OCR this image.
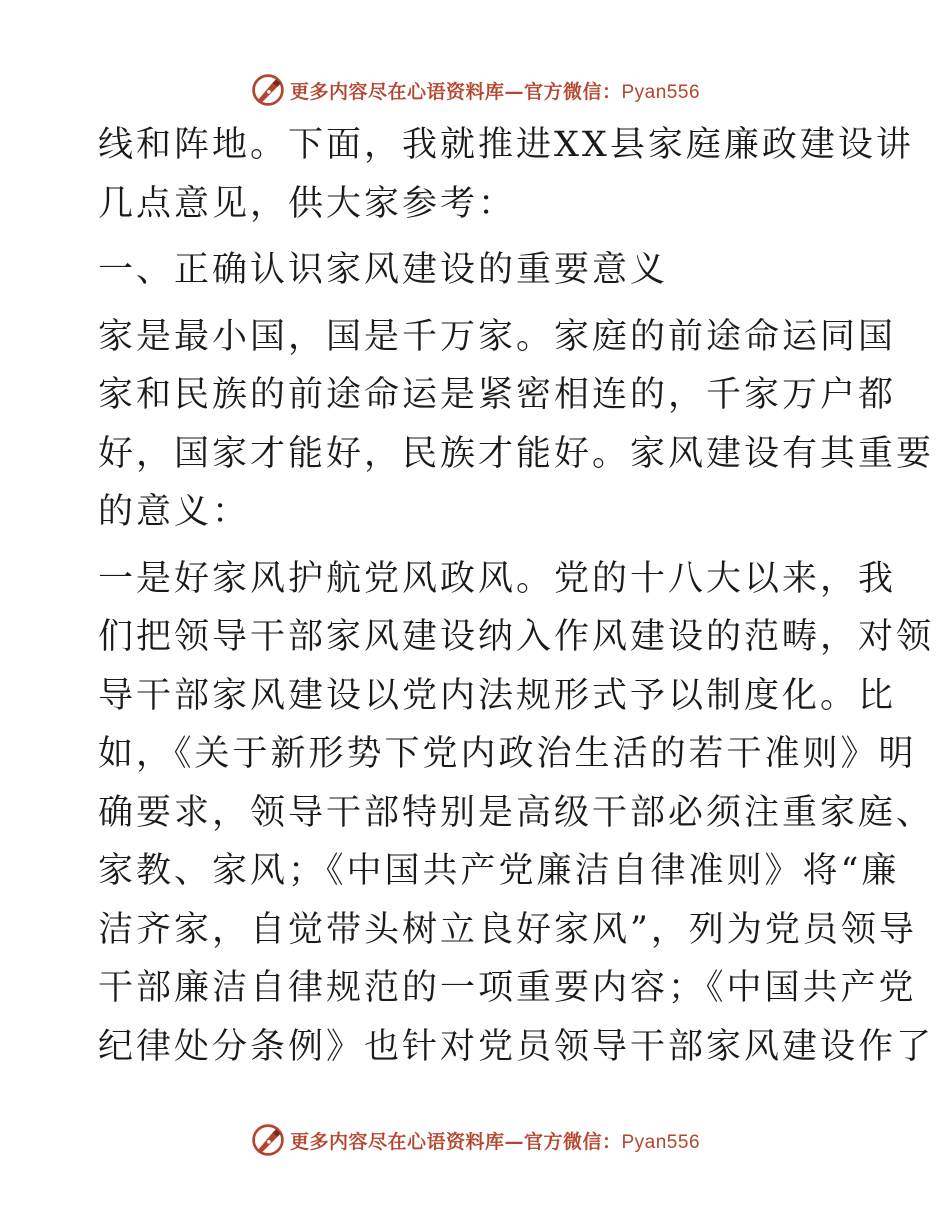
更多内容尽在心语资料库—官方微信：Pyan556
线和阵地。下面，我就推进XX县家庭廉政建设讲
几点意见，供大家参考：
一、正确认识家风建设的重要意义
家是最小国，国是千万家。家庭的前途命运同国
家和民族的前途命运是紧密相连的，千家万户都
好，国家才能好，民族才能好。家风建设有其重要
的意义：
一是好家风护航党风政风。党的十八大以来，我
们把领导干部家风建设纳入作风建设的范畴，对领
导干部家风建设以党内法规形式予以制度化。比
如，《关于新形势下党内政治生活的若干准则》明
确要求，领导干部特别是高级干部必须注重家庭、
家教、家风；《中国共产党廉洁自律准则》将“廉
洁齐家，自觉带头树立良好家风”，列为党员领导
干部廉洁自律规范的一项重要内容；《中国共产党
纪律处分条例》也针对党员领导干部家风建设作了
更多内容尽在心语资料库—官方微信：Pyan556
